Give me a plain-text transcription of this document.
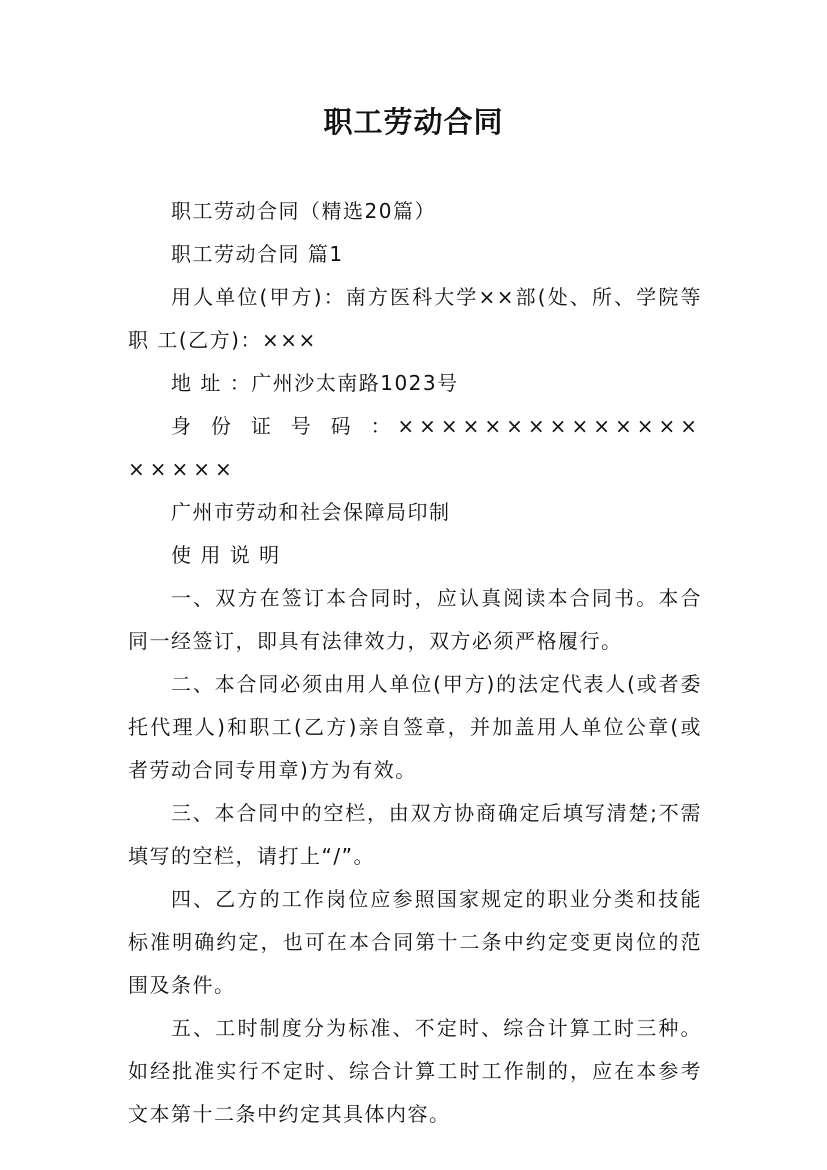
职工劳动合同

职工劳动合同（精选20篇）

职工劳动合同 篇1

用人单位(甲方)：南方医科大学××部(处、所、学院等 职 工(乙方)：×××

地 址 ：广州沙太南路1023号

身 份 证 号 码 ：×××××××××××××××××××

广州市劳动和社会保障局印制

使 用 说 明

一、双方在签订本合同时，应认真阅读本合同书。本合同一经签订，即具有法律效力，双方必须严格履行。

二、本合同必须由用人单位(甲方)的法定代表人(或者委托代理人)和职工(乙方)亲自签章，并加盖用人单位公章(或者劳动合同专用章)方为有效。

三、本合同中的空栏，由双方协商确定后填写清楚;不需填写的空栏，请打上“/”。

四、乙方的工作岗位应参照国家规定的职业分类和技能标准明确约定，也可在本合同第十二条中约定变更岗位的范围及条件。

五、工时制度分为标准、不定时、综合计算工时三种。如经批准实行不定时、综合计算工时工作制的，应在本参考文本第十二条中约定其具体内容。
